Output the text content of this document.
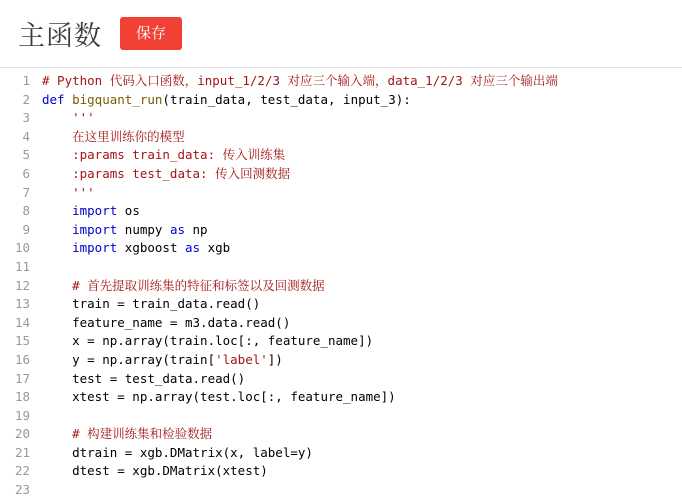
主函数	保存
1
2
3
4
5
6
7
8
9
10
11
12
13
14
15
16
17
18
19
20
21
22
23
# Python 代码入口函数，input_1/2/3 对应三个输入端，data_1/2/3 对应三个输出端
def bigquant_run(train_data, test_data, input_3):
'''
在这里训练你的模型
:params train_data: 传入训练集
:params test_data: 传入回测数据
'''
import os
import numpy as np
import xgboost as xgb

# 首先提取训练集的特征和标签以及回测数据
train = train_data.read()
feature_name = m3.data.read()
x = np.array(train.loc[:, feature_name])
y = np.array(train['label'])
test = test_data.read()
xtest = np.array(test.loc[:, feature_name])

# 构建训练集和检验数据
dtrain = xgb.DMatrix(x, label=y)
dtest = xgb.DMatrix(xtest)
